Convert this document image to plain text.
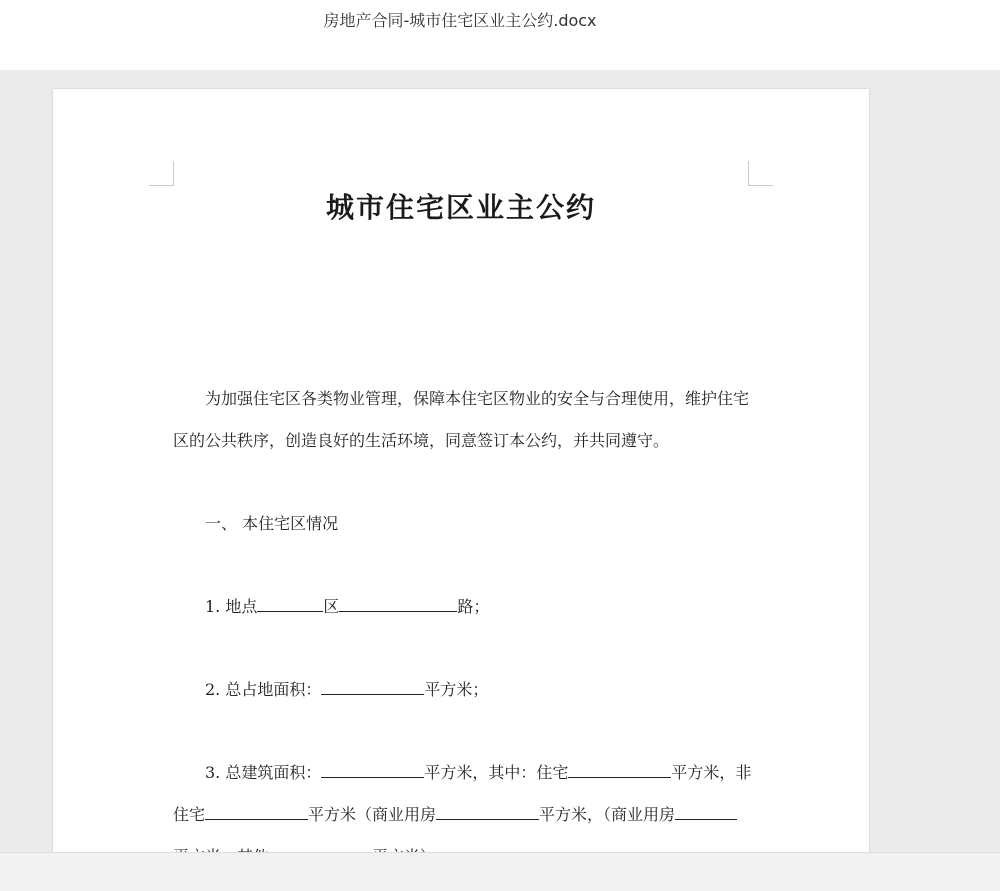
房地产合同-城市住宅区业主公约.docx
城市住宅区业主公约
为加强住宅区各类物业管理，保障本住宅区物业的安全与合理使用，维护住宅
区的公共秩序，创造良好的生活环境，同意签订本公约，并共同遵守。
一、 本住宅区情况
1. 地点	区	路；
2. 总占地面积：	平方米；
3. 总建筑面积：	平方米，其中：住宅	平方米，非
住宅	平方米（商业用房	平方米，（商业用房
